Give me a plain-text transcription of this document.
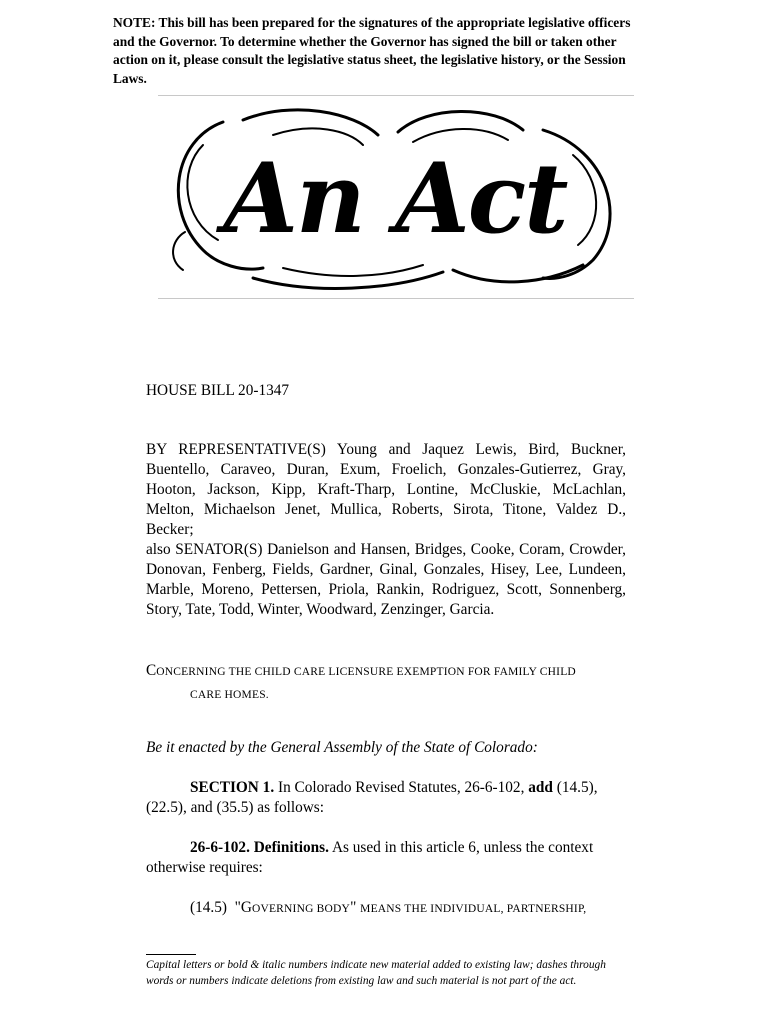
NOTE: This bill has been prepared for the signatures of the appropriate legislative officers and the Governor. To determine whether the Governor has signed the bill or taken other action on it, please consult the legislative status sheet, the legislative history, or the Session Laws.
An Act
HOUSE BILL 20-1347

BY REPRESENTATIVE(S) Young and Jaquez Lewis, Bird, Buckner, Buentello, Caraveo, Duran, Exum, Froelich, Gonzales-Gutierrez, Gray, Hooton, Jackson, Kipp, Kraft-Tharp, Lontine, McCluskie, McLachlan, Melton, Michaelson Jenet, Mullica, Roberts, Sirota, Titone, Valdez D., Becker;

also SENATOR(S) Danielson and Hansen, Bridges, Cooke, Coram, Crowder, Donovan, Fenberg, Fields, Gardner, Ginal, Gonzales, Hisey, Lee, Lundeen, Marble, Moreno, Pettersen, Priola, Rankin, Rodriguez, Scott, Sonnenberg, Story, Tate, Todd, Winter, Woodward, Zenzinger, Garcia.

CONCERNING THE CHILD CARE LICENSURE EXEMPTION FOR FAMILY CHILD
CARE HOMES.
Be it enacted by the General Assembly of the State of Colorado:
SECTION 1. In Colorado Revised Statutes, 26-6-102, add (14.5), (22.5), and (35.5) as follows:
26-6-102. Definitions. As used in this article 6, unless the context otherwise requires:
(14.5) "GOVERNING BODY" MEANS THE INDIVIDUAL, PARTNERSHIP,
Capital letters or bold & italic numbers indicate new material added to existing law; dashes through words or numbers indicate deletions from existing law and such material is not part of the act.
